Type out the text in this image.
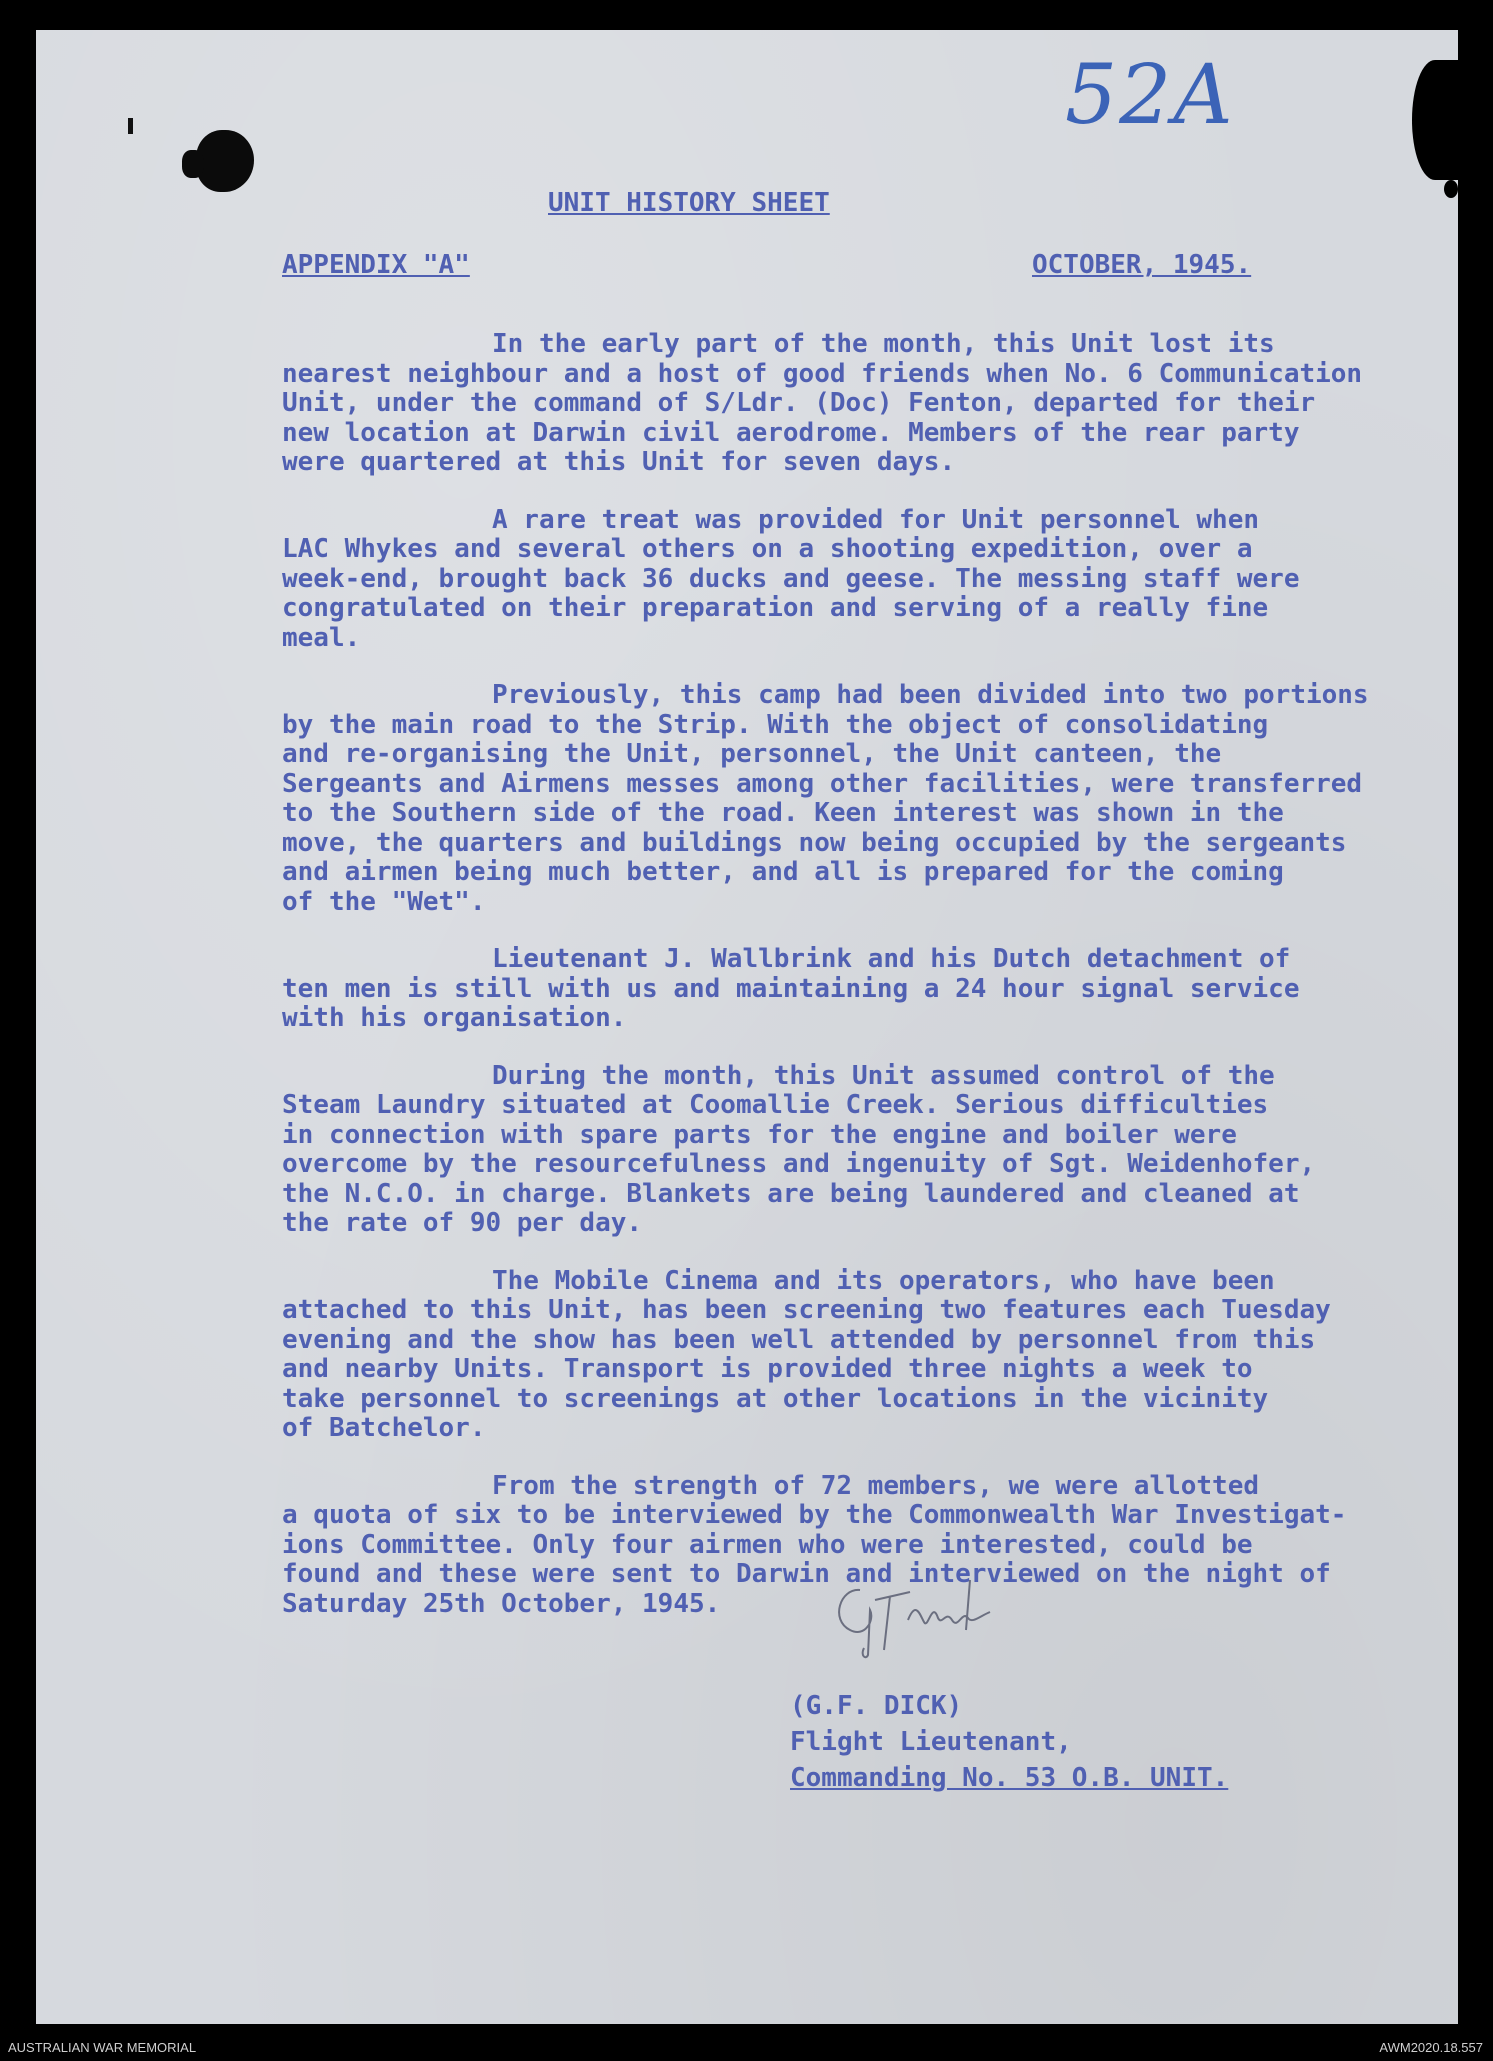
52A
UNIT HISTORY SHEET
APPENDIX "A"	OCTOBER, 1945.

In the early part of the month, this Unit lost its
nearest neighbour and a host of good friends when No. 6 Communication
Unit, under the command of S/Ldr. (Doc) Fenton, departed for their
new location at Darwin civil aerodrome. Members of the rear party
were quartered at this Unit for seven days.

A rare treat was provided for Unit personnel when
LAC Whykes and several others on a shooting expedition, over a
week-end, brought back 36 ducks and geese. The messing staff were
congratulated on their preparation and serving of a really fine
meal.

Previously, this camp had been divided into two portions
by the main road to the Strip. With the object of consolidating
and re-organising the Unit, personnel, the Unit canteen, the
Sergeants and Airmens messes among other facilities, were transferred
to the Southern side of the road. Keen interest was shown in the
move, the quarters and buildings now being occupied by the sergeants
and airmen being much better, and all is prepared for the coming
of the "Wet".

Lieutenant J. Wallbrink and his Dutch detachment of
ten men is still with us and maintaining a 24 hour signal service
with his organisation.

During the month, this Unit assumed control of the
Steam Laundry situated at Coomallie Creek. Serious difficulties
in connection with spare parts for the engine and boiler were
overcome by the resourcefulness and ingenuity of Sgt. Weidenhofer,
the N.C.O. in charge. Blankets are being laundered and cleaned at
the rate of 90 per day.

The Mobile Cinema and its operators, who have been
attached to this Unit, has been screening two features each Tuesday
evening and the show has been well attended by personnel from this
and nearby Units. Transport is provided three nights a week to
take personnel to screenings at other locations in the vicinity
of Batchelor.

From the strength of 72 members, we were allotted
a quota of six to be interviewed by the Commonwealth War Investigat-
ions Committee. Only four airmen who were interested, could be
found and these were sent to Darwin and interviewed on the night of
Saturday 25th October, 1945.

(G.F. DICK)
Flight Lieutenant,
Commanding No. 53 O.B. UNIT.
AUSTRALIAN WAR MEMORIAL	AWM2020.18.557
